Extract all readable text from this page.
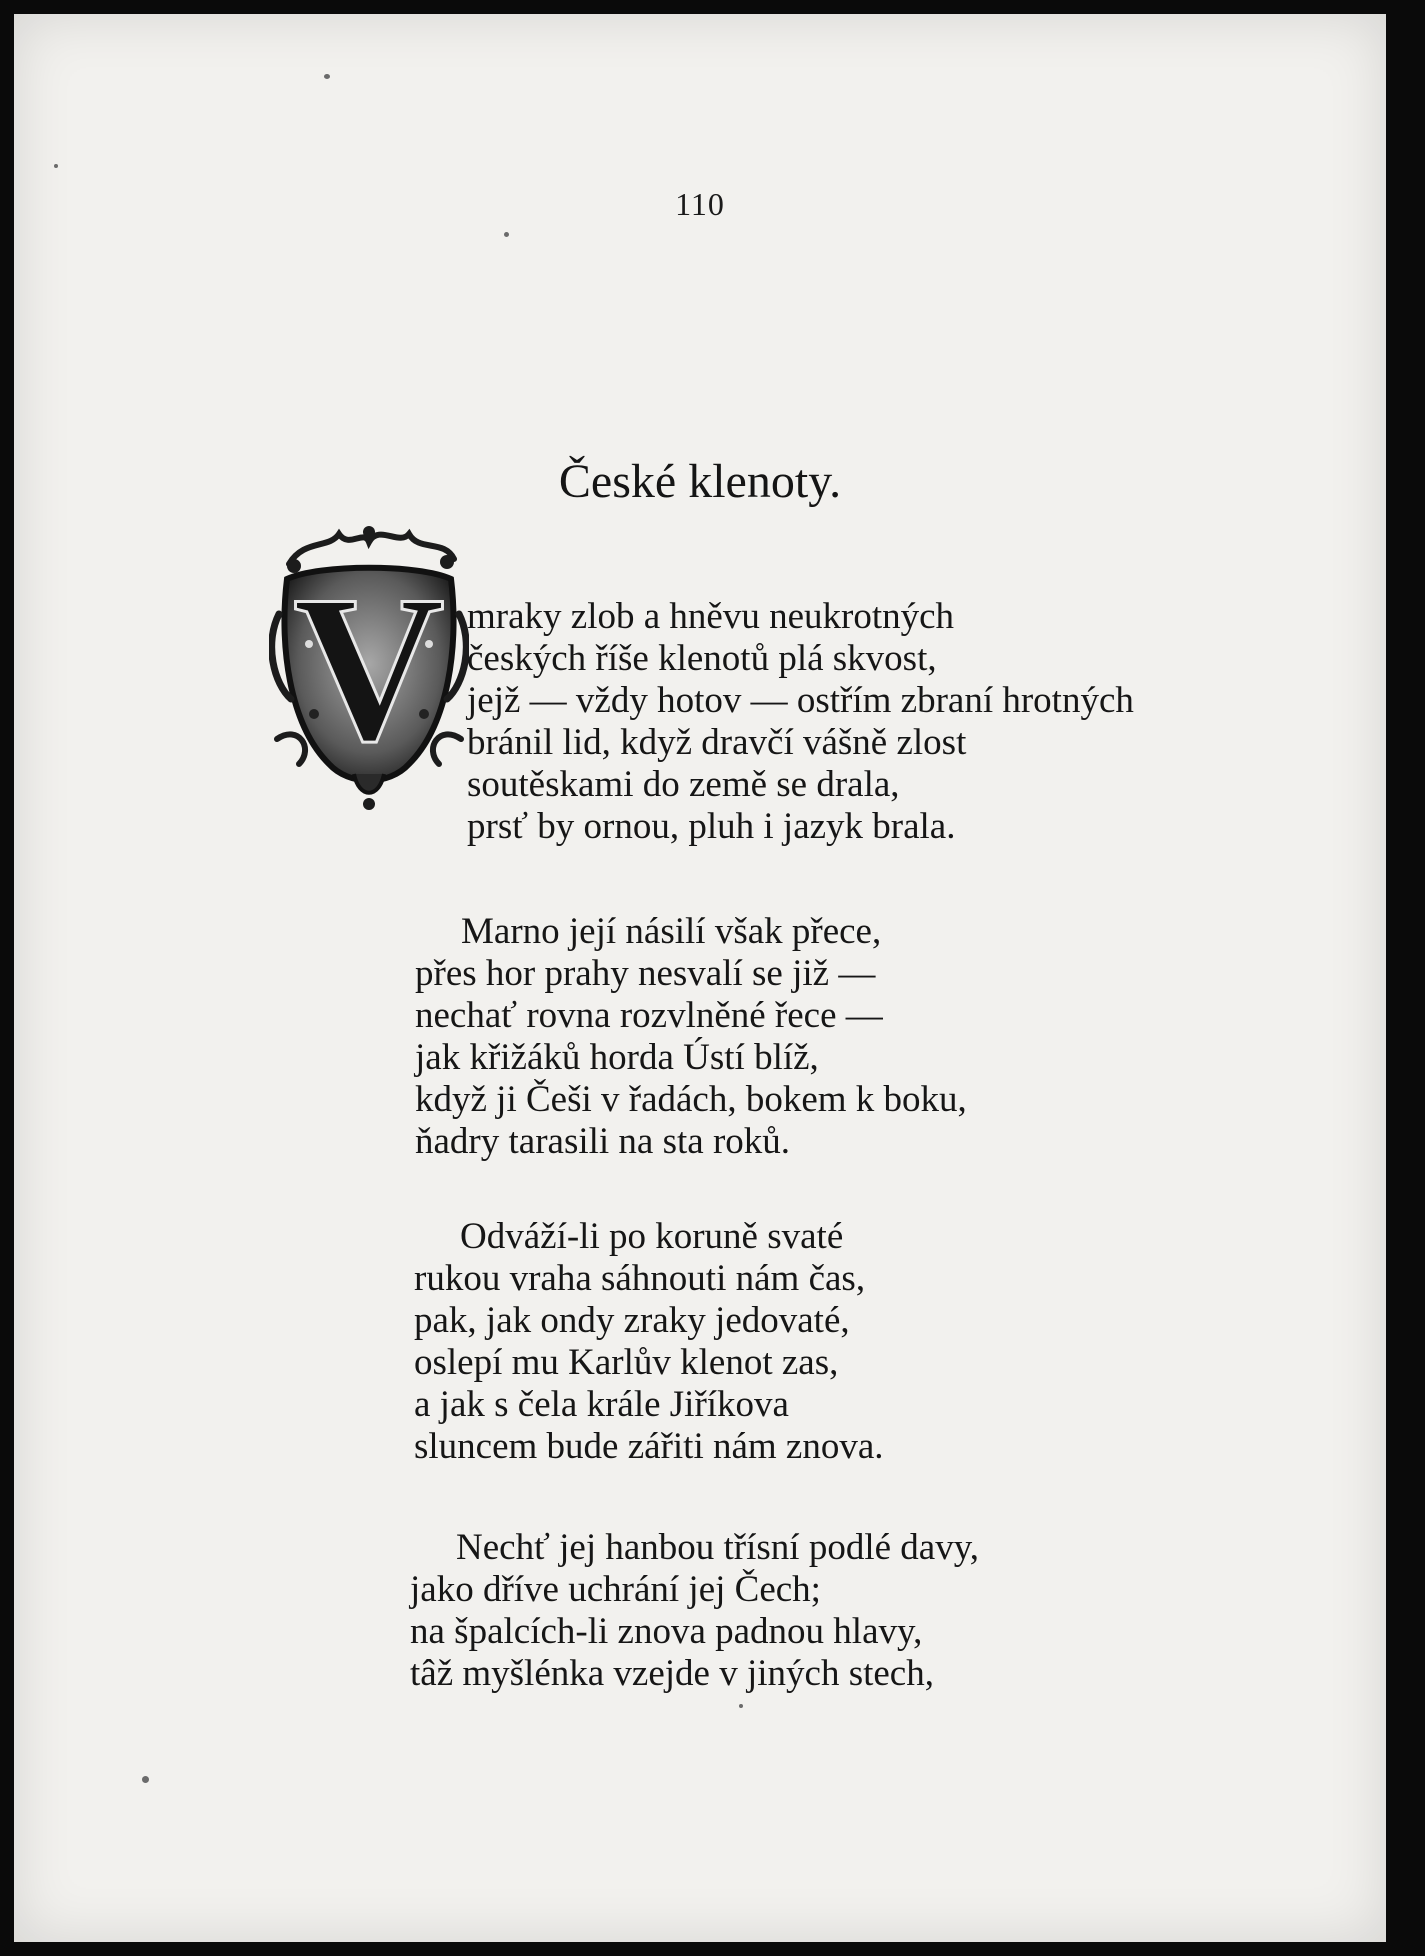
110
České klenoty.
V mraky zlob a hněvu neukrotných
českých říše klenotů plá skvost,
jejž — vždy hotov — ostřím zbraní hrotných
bránil lid, když dravčí vášně zlost
soutěskami do země se drala,
prsť by ornou, pluh i jazyk brala.

Marno její násilí však přece,
přes hor prahy nesvalí se již —
nechať rovna rozvlněné řece —
jak křižáků horda Ústí blíž,
když ji Češi v řadách, bokem k boku,
ňadry tarasili na sta roků.

Odváží-li po koruně svaté
rukou vraha sáhnouti nám čas,
pak, jak ondy zraky jedovaté,
oslepí mu Karlův klenot zas,
a jak s čela krále Jiříkova
sluncem bude zářiti nám znova.

Nechť jej hanbou třísní podlé davy,
jako dříve uchrání jej Čech;
na špalcích-li znova padnou hlavy,
tâž myšlénka vzejde v jiných stech,
